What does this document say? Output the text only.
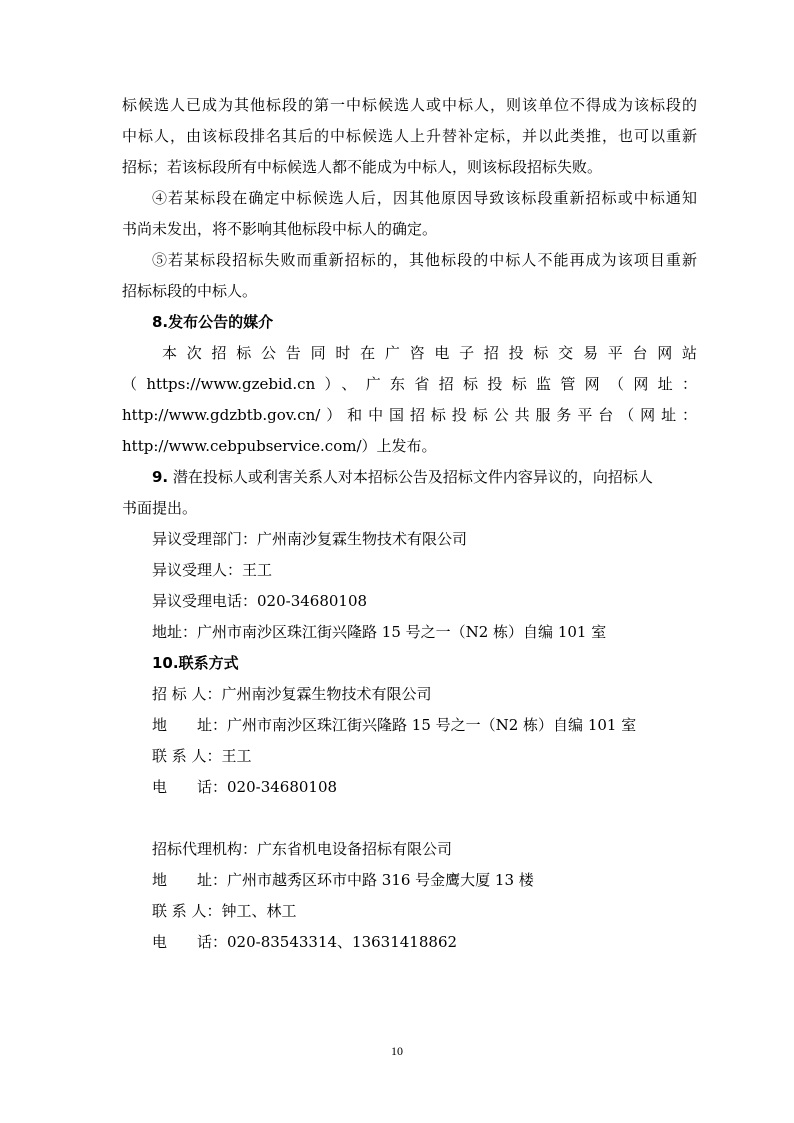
标候选人已成为其他标段的第一中标候选人或中标人，则该单位不得成为该标段的
中标人，由该标段排名其后的中标候选人上升替补定标，并以此类推，也可以重新
招标；若该标段所有中标候选人都不能成为中标人，则该标段招标失败。
④若某标段在确定中标候选人后，因其他原因导致该标段重新招标或中标通知
书尚未发出，将不影响其他标段中标人的确定。
⑤若某标段招标失败而重新招标的，其他标段的中标人不能再成为该项目重新
招标标段的中标人。
8.发布公告的媒介
本次招标公告同时在广咨电子招投标交易平台网站
（https://www.gzebid.cn）、广东省招标投标监管网（网址：
http://www.gdzbtb.gov.cn/）和中国招标投标公共服务平台（网址：
http://www.cebpubservice.com/）上发布。
9. 潜在投标人或利害关系人对本招标公告及招标文件内容异议的，向招标人
书面提出。
异议受理部门：广州南沙复霖生物技术有限公司
异议受理人：王工
异议受理电话：020-34680108
地址：广州市南沙区珠江街兴隆路 15 号之一（N2 栋）自编 101 室
10.联系方式
招 标 人：广州南沙复霖生物技术有限公司
地　　址：广州市南沙区珠江街兴隆路 15 号之一（N2 栋）自编 101 室
联 系 人：王工
电　　话：020-34680108
招标代理机构：广东省机电设备招标有限公司
地　　址：广州市越秀区环市中路 316 号金鹰大厦 13 楼
联 系 人：钟工、林工
电　　话：020-83543314、13631418862
10
